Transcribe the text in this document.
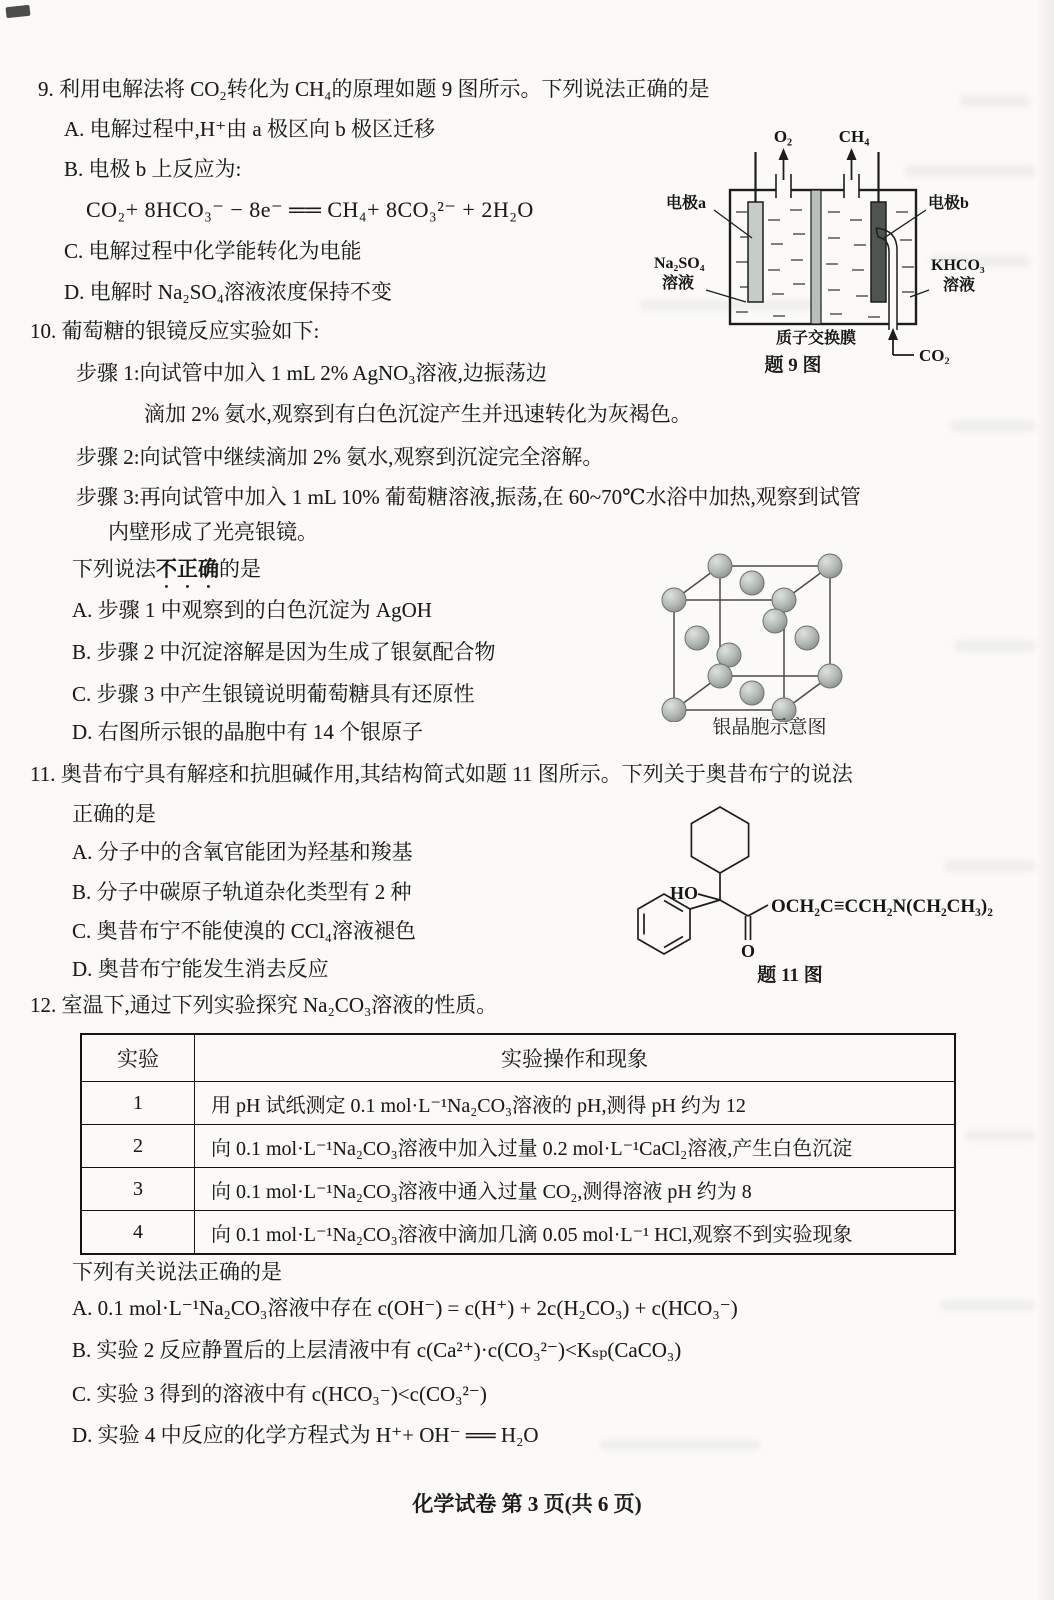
9. 利用电解法将 CO₂转化为 CH₄的原理如题 9 图所示。下列说法正确的是
A. 电解过程中,H⁺由 a 极区向 b 极区迁移
B. 电极 b 上反应为:
CO₂+ 8HCO₃⁻ − 8e⁻ ══ CH₄+ 8CO₃²⁻ + 2H₂O
C. 电解过程中化学能转化为电能
D. 电解时 Na₂SO₄溶液浓度保持不变
O₂	CH₄
CO₂
电极a	电极b
Na₂SO₄
溶液
KHCO₃
溶液
质子交换膜
题 9 图
10. 葡萄糖的银镜反应实验如下:
步骤 1:向试管中加入 1 mL 2% AgNO₃溶液,边振荡边
滴加 2% 氨水,观察到有白色沉淀产生并迅速转化为灰褐色。
步骤 2:向试管中继续滴加 2% 氨水,观察到沉淀完全溶解。
步骤 3:再向试管中加入 1 mL 10% 葡萄糖溶液,振荡,在 60~70℃水浴中加热,观察到试管
内壁形成了光亮银镜。
下列说法不正确的是
A. 步骤 1 中观察到的白色沉淀为 AgOH
B. 步骤 2 中沉淀溶解是因为生成了银氨配合物
C. 步骤 3 中产生银镜说明葡萄糖具有还原性
D. 右图所示银的晶胞中有 14 个银原子	银晶胞示意图
11. 奥昔布宁具有解痉和抗胆碱作用,其结构简式如题 11 图所示。下列关于奥昔布宁的说法
正确的是
A. 分子中的含氧官能团为羟基和羧基
B. 分子中碳原子轨道杂化类型有 2 种
C. 奥昔布宁不能使溴的 CCl₄溶液褪色
D. 奥昔布宁能发生消去反应
HO
O
OCH₂C≡CCH₂N(CH₂CH₃)₂
题 11 图
12. 室温下,通过下列实验探究 Na₂CO₃溶液的性质。
实验	实验操作和现象
1	用 pH 试纸测定 0.1 mol·L⁻¹Na₂CO₃溶液的 pH,测得 pH 约为 12
2	向 0.1 mol·L⁻¹Na₂CO₃溶液中加入过量 0.2 mol·L⁻¹CaCl₂溶液,产生白色沉淀
3	向 0.1 mol·L⁻¹Na₂CO₃溶液中通入过量 CO₂,测得溶液 pH 约为 8
4	向 0.1 mol·L⁻¹Na₂CO₃溶液中滴加几滴 0.05 mol·L⁻¹ HCl,观察不到实验现象
下列有关说法正确的是
A. 0.1 mol·L⁻¹Na₂CO₃溶液中存在 c(OH⁻) = c(H⁺) + 2c(H₂CO₃) + c(HCO₃⁻)
B. 实验 2 反应静置后的上层清液中有 c(Ca²⁺)·c(CO₃²⁻)<Kₛₚ(CaCO₃)
C. 实验 3 得到的溶液中有 c(HCO₃⁻)<c(CO₃²⁻)
D. 实验 4 中反应的化学方程式为 H⁺+ OH⁻ ══ H₂O
化学试卷 第 3 页(共 6 页)
